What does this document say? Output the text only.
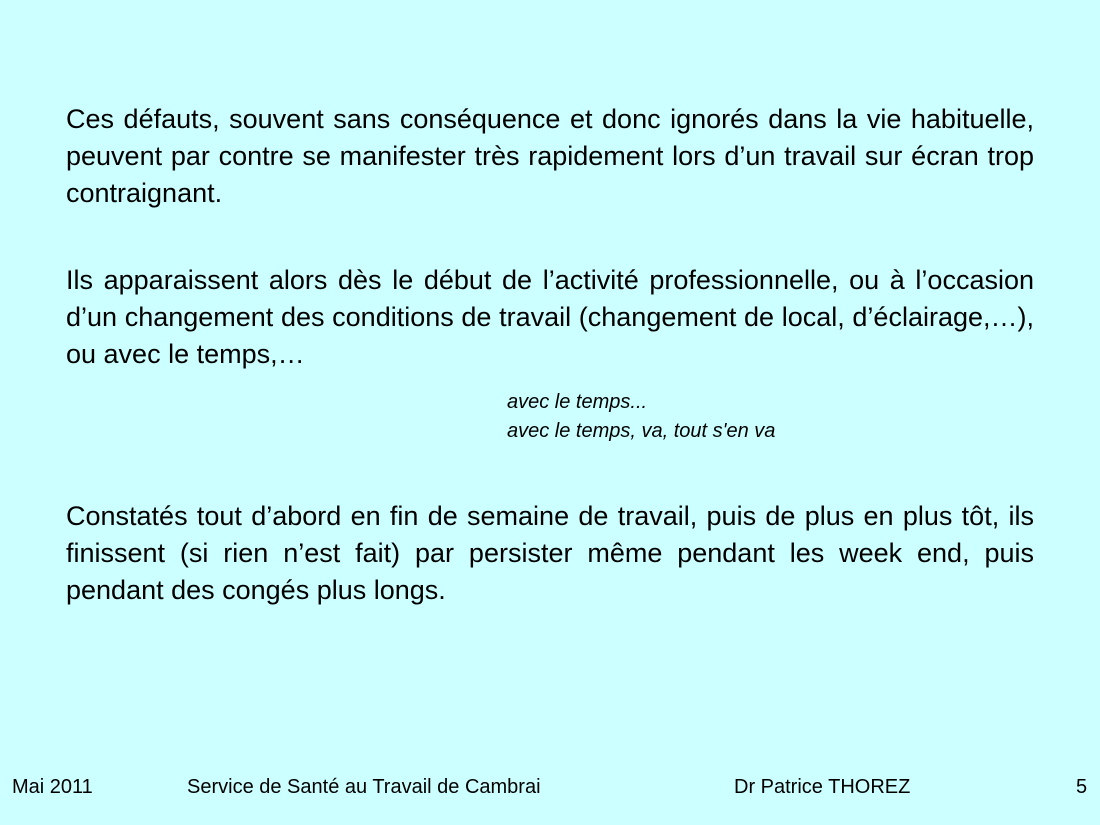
Ces défauts, souvent sans conséquence et donc ignorés dans la vie habituelle, peuvent par contre se manifester très rapidement lors d’un travail sur écran trop contraignant.

Ils apparaissent alors dès le début de l’activité professionnelle, ou à l’occasion d’un changement des conditions de travail (changement de local, d’éclairage,…), ou avec le temps,…

avec le temps...
avec le temps, va, tout s'en va

Constatés tout d’abord en fin de semaine de travail, puis de plus en plus tôt, ils finissent (si rien n’est fait) par persister même pendant les week end, puis pendant des congés plus longs.

Mai 2011	Service de Santé au Travail de Cambrai	Dr Patrice THOREZ	5
